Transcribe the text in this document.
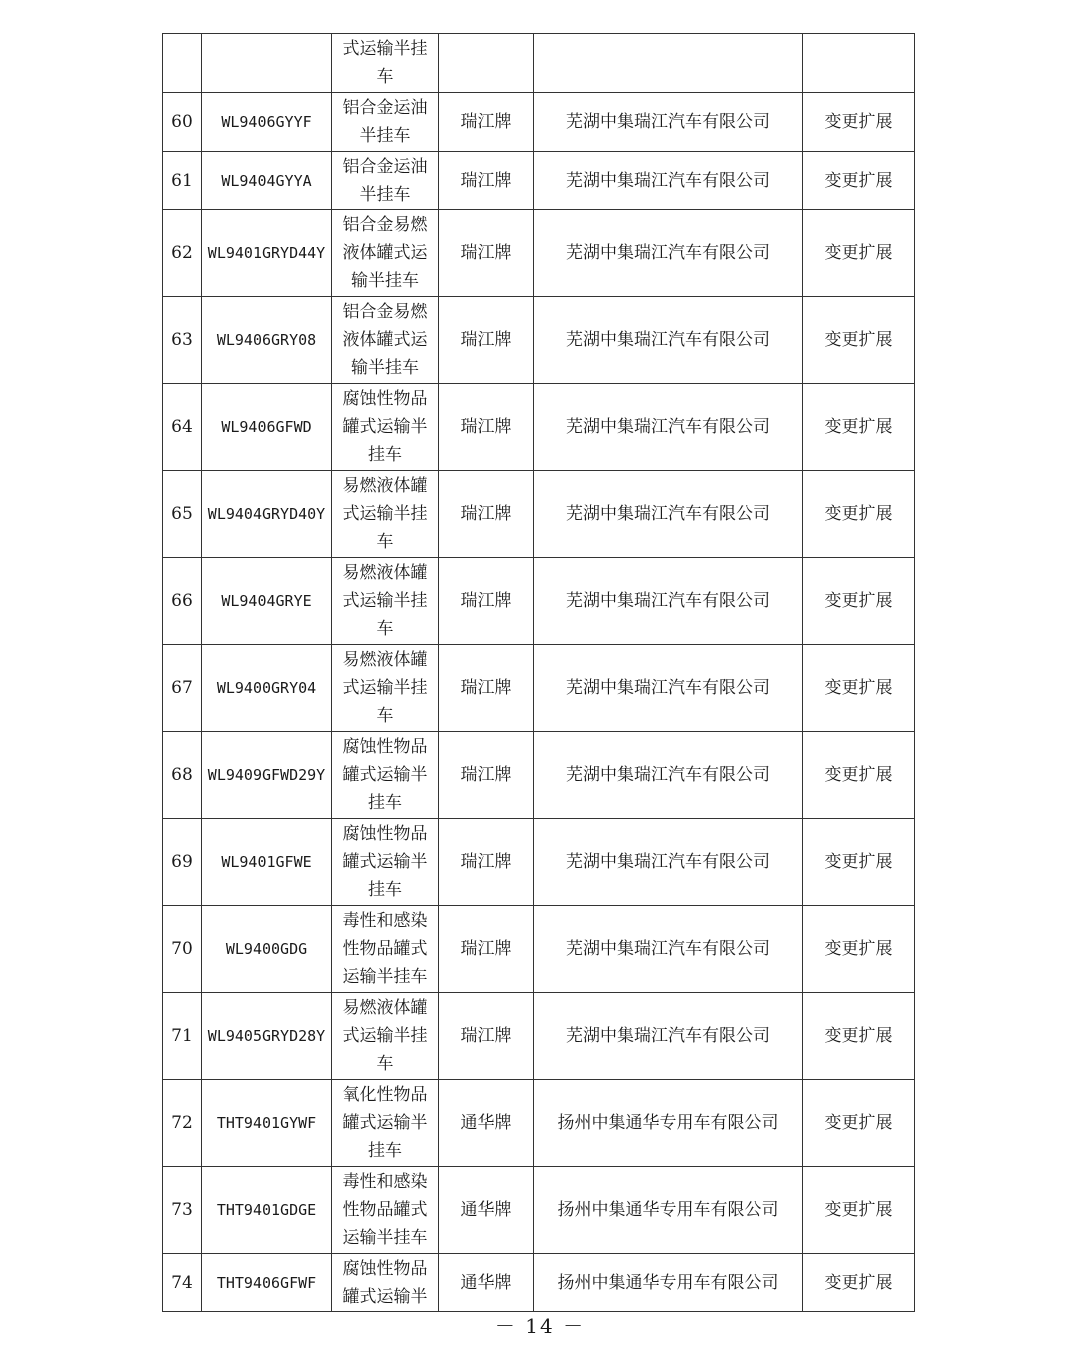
		式运输半挂车			
60	WL9406GYYF	铝合金运油半挂车	瑞江牌	芜湖中集瑞江汽车有限公司	变更扩展
61	WL9404GYYA	铝合金运油半挂车	瑞江牌	芜湖中集瑞江汽车有限公司	变更扩展
62	WL9401GRYD44Y	铝合金易燃液体罐式运输半挂车	瑞江牌	芜湖中集瑞江汽车有限公司	变更扩展
63	WL9406GRY08	铝合金易燃液体罐式运输半挂车	瑞江牌	芜湖中集瑞江汽车有限公司	变更扩展
64	WL9406GFWD	腐蚀性物品罐式运输半挂车	瑞江牌	芜湖中集瑞江汽车有限公司	变更扩展
65	WL9404GRYD40Y	易燃液体罐式运输半挂车	瑞江牌	芜湖中集瑞江汽车有限公司	变更扩展
66	WL9404GRYE	易燃液体罐式运输半挂车	瑞江牌	芜湖中集瑞江汽车有限公司	变更扩展
67	WL9400GRY04	易燃液体罐式运输半挂车	瑞江牌	芜湖中集瑞江汽车有限公司	变更扩展
68	WL9409GFWD29Y	腐蚀性物品罐式运输半挂车	瑞江牌	芜湖中集瑞江汽车有限公司	变更扩展
69	WL9401GFWE	腐蚀性物品罐式运输半挂车	瑞江牌	芜湖中集瑞江汽车有限公司	变更扩展
70	WL9400GDG	毒性和感染性物品罐式运输半挂车	瑞江牌	芜湖中集瑞江汽车有限公司	变更扩展
71	WL9405GRYD28Y	易燃液体罐式运输半挂车	瑞江牌	芜湖中集瑞江汽车有限公司	变更扩展
72	THT9401GYWF	氧化性物品罐式运输半挂车	通华牌	扬州中集通华专用车有限公司	变更扩展
73	THT9401GDGE	毒性和感染性物品罐式运输半挂车	通华牌	扬州中集通华专用车有限公司	变更扩展
74	THT9406GFWF	腐蚀性物品罐式运输半	通华牌	扬州中集通华专用车有限公司	变更扩展
－ 14 －
